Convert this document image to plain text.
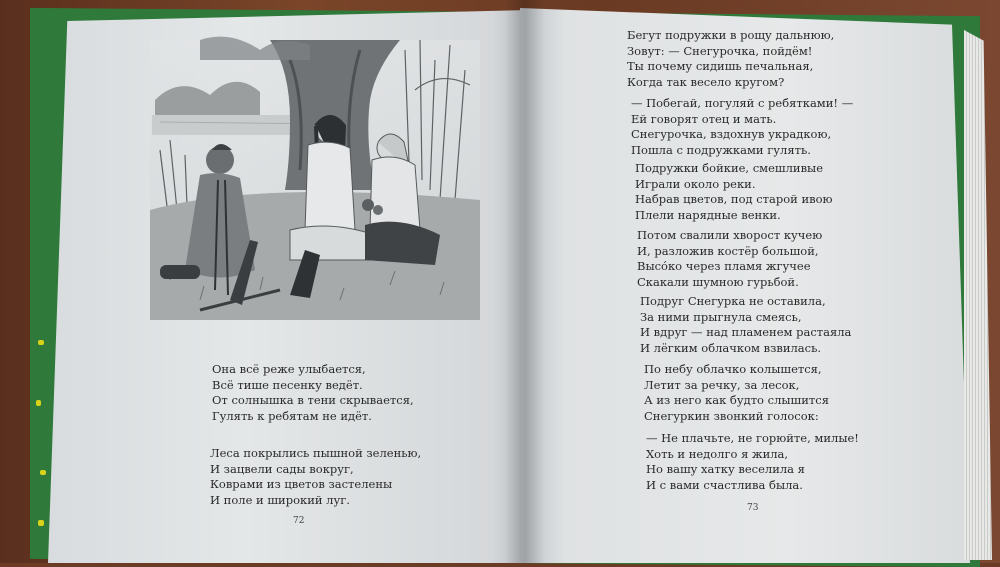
Она всё реже улыбается,
Всё тише песенку ведёт.
От солнышка в тени скрывается,
Гулять к ребятам не идёт.
Леса покрылись пышной зеленью,
И зацвели сады вокруг,
Коврами из цветов застелены
И поле и широкий луг.
72
Бегут подружки в рощу дальнюю,
Зовут: — Снегурочка, пойдём!
Ты почему сидишь печальная,
Когда так весело кругом?
— Побегай, погуляй с ребятками! —
Ей говорят отец и мать.
Снегурочка, вздохнув украдкою,
Пошла с подружками гулять.
Подружки бойкие, смешливые
Играли около реки.
Набрав цветов, под старой ивою
Плели нарядные венки.
Потом свалили хворост кучею
И, разложив костёр большой,
Высо́ко через пламя жгучее
Скакали шумною гурьбой.
Подруг Снегурка не оставила,
За ними прыгнула смеясь,
И вдруг — над пламенем растаяла
И лёгким облачком взвилась.
По небу облачко колышется,
Летит за речку, за лесок,
А из него как будто слышится
Снегуркин звонкий голосок:
— Не плачьте, не горюйте, милые!
Хоть и недолго я жила,
Но вашу хатку веселила я
И с вами счастлива была.
73
